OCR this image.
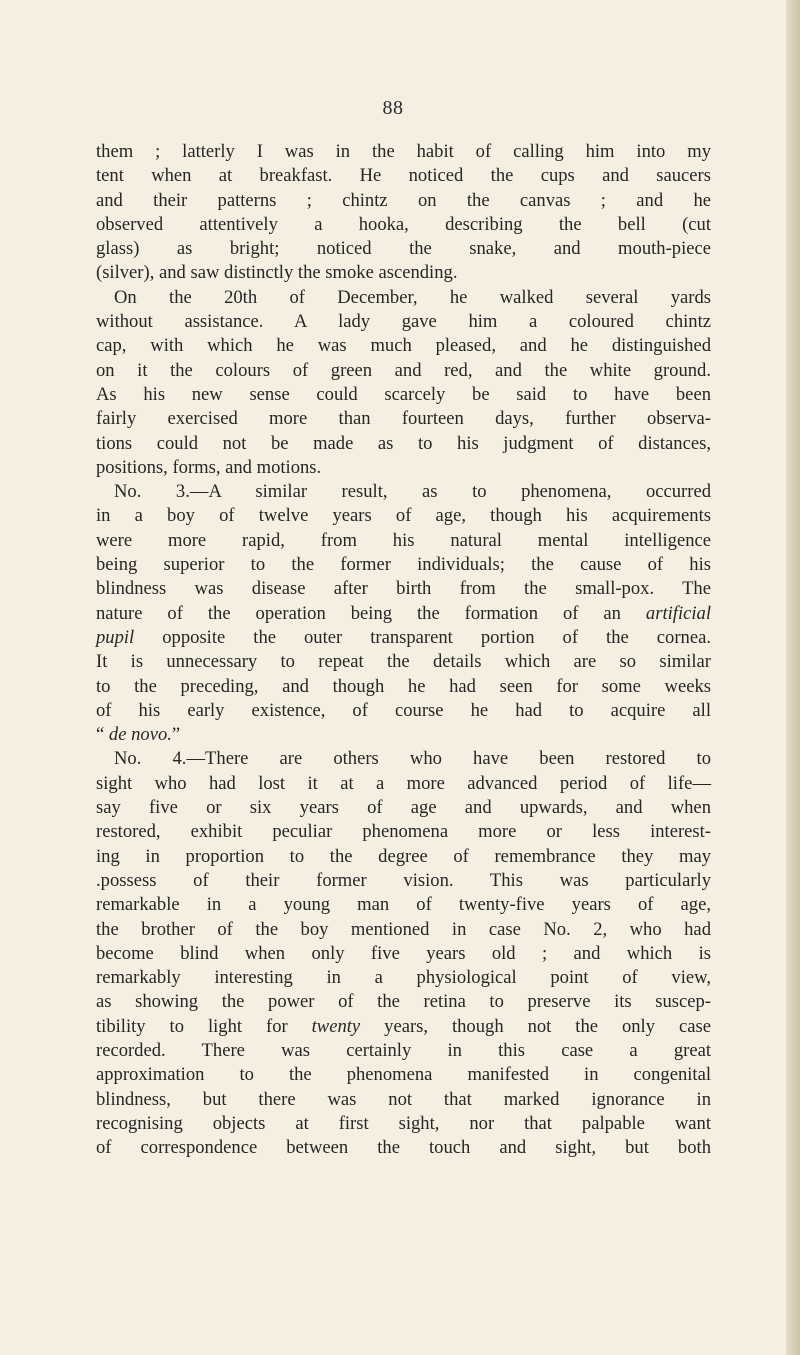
88
them ; latterly I was in the habit of calling him into my
tent when at breakfast. He noticed the cups and saucers
and their patterns ; chintz on the canvas ; and he
observed attentively a hooka, describing the bell (cut
glass) as bright; noticed the snake, and mouth-piece
(silver), and saw distinctly the smoke ascending.
On the 20th of December, he walked several yards
without assistance. A lady gave him a coloured chintz
cap, with which he was much pleased, and he distinguished
on it the colours of green and red, and the white ground.
As his new sense could scarcely be said to have been
fairly exercised more than fourteen days, further observa-
tions could not be made as to his judgment of distances,
positions, forms, and motions.
No. 3.—A similar result, as to phenomena, occurred
in a boy of twelve years of age, though his acquirements
were more rapid, from his natural mental intelligence
being superior to the former individuals; the cause of his
blindness was disease after birth from the small-pox. The
nature of the operation being the formation of an artificial
pupil opposite the outer transparent portion of the cornea.
It is unnecessary to repeat the details which are so similar
to the preceding, and though he had seen for some weeks
of his early existence, of course he had to acquire all
“ de novo.”
No. 4.—There are others who have been restored to
sight who had lost it at a more advanced period of life—
say five or six years of age and upwards, and when
restored, exhibit peculiar phenomena more or less interest-
ing in proportion to the degree of remembrance they may
.possess of their former vision. This was particularly
remarkable in a young man of twenty-five years of age,
the brother of the boy mentioned in case No. 2, who had
become blind when only five years old ; and which is
remarkably interesting in a physiological point of view,
as showing the power of the retina to preserve its suscep-
tibility to light for twenty years, though not the only case
recorded. There was certainly in this case a great
approximation to the phenomena manifested in congenital
blindness, but there was not that marked ignorance in
recognising objects at first sight, nor that palpable want
of correspondence between the touch and sight, but both
